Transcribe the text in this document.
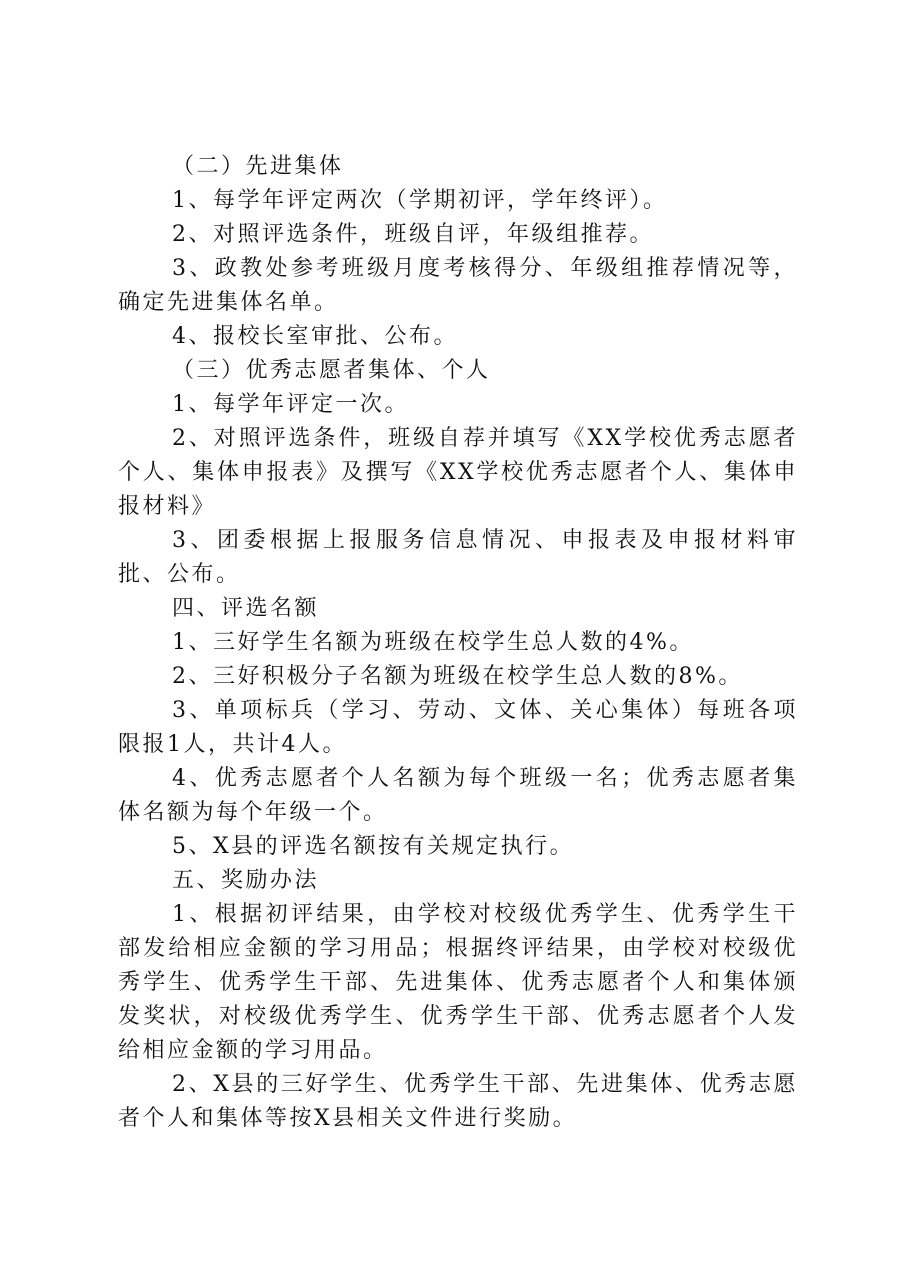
（二）先进集体

1、每学年评定两次（学期初评，学年终评）。

2、对照评选条件，班级自评，年级组推荐。

3、政教处参考班级月度考核得分、年级组推荐情况等，确定先进集体名单。

4、报校长室审批、公布。

（三）优秀志愿者集体、个人

1、每学年评定一次。

2、对照评选条件，班级自荐并填写《XX学校优秀志愿者个人、集体申报表》及撰写《XX学校优秀志愿者个人、集体申报材料》

3、团委根据上报服务信息情况、申报表及申报材料审批、公布。

四、评选名额

1、三好学生名额为班级在校学生总人数的4%。

2、三好积极分子名额为班级在校学生总人数的8%。

3、单项标兵（学习、劳动、文体、关心集体）每班各项限报1人，共计4人。

4、优秀志愿者个人名额为每个班级一名；优秀志愿者集体名额为每个年级一个。

5、X县的评选名额按有关规定执行。

五、奖励办法

1、根据初评结果，由学校对校级优秀学生、优秀学生干部发给相应金额的学习用品；根据终评结果，由学校对校级优秀学生、优秀学生干部、先进集体、优秀志愿者个人和集体颁发奖状，对校级优秀学生、优秀学生干部、优秀志愿者个人发给相应金额的学习用品。

2、X县的三好学生、优秀学生干部、先进集体、优秀志愿者个人和集体等按X县相关文件进行奖励。
